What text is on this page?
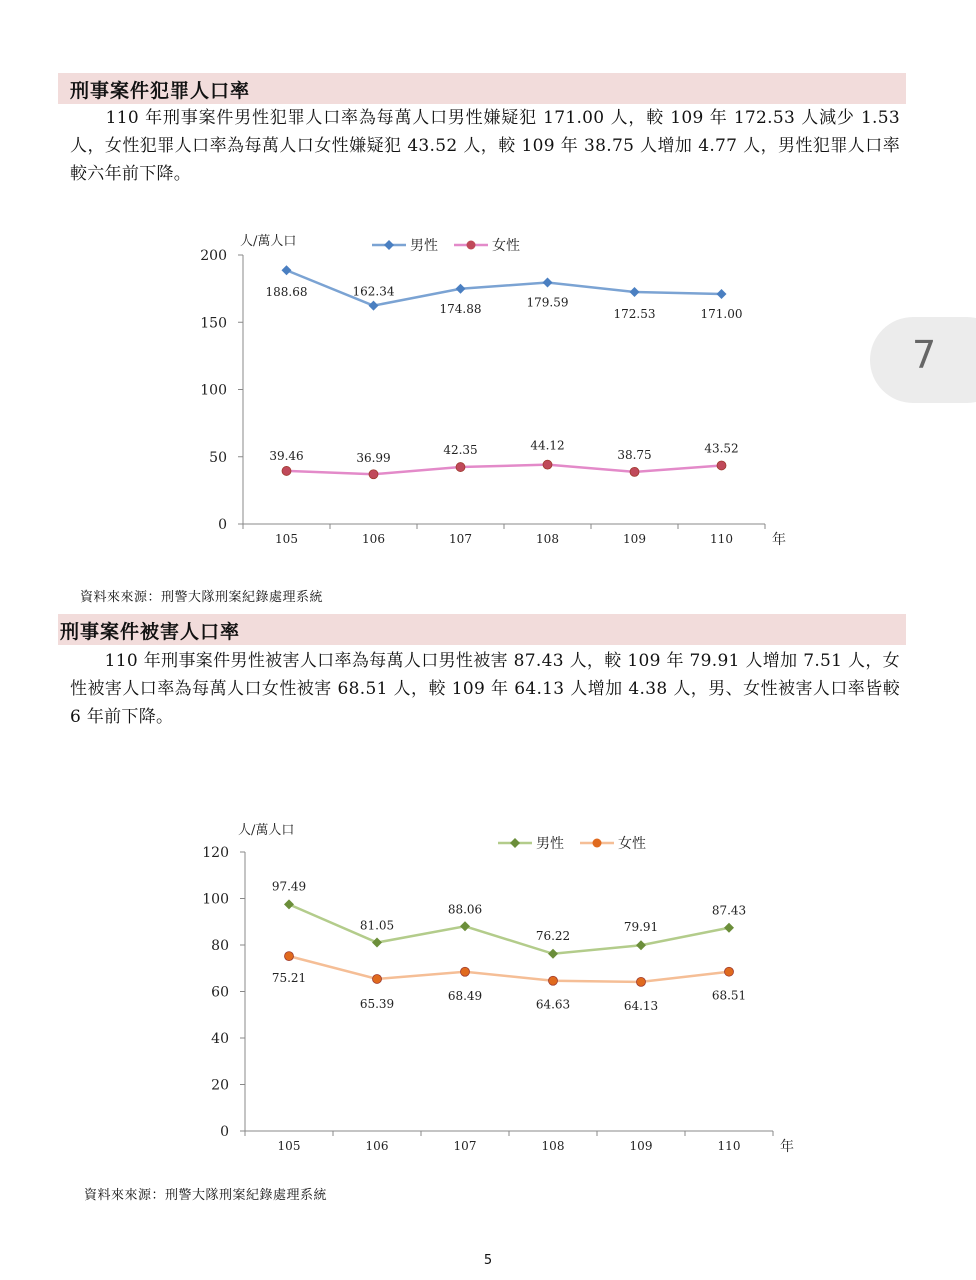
刑事案件犯罪人口率
　　110 年刑事案件男性犯罪人口率為每萬人口男性嫌疑犯 171.00 人，較 109 年 172.53 人減少 1.53 人，女性犯罪人口率為每萬人口女性嫌疑犯 43.52 人，較 109 年 38.75 人增加 4.77 人，男性犯罪人口率較六年前下降。
0
50
100
150
200
105	106	107	108	109	110
人/萬人口
年
188.68	162.34
174.88	179.59
172.53	171.00
39.46	36.99
42.35	44.12
38.75	43.52
男性	女性
資料來來源：刑警大隊刑案紀錄處理系統
刑事案件被害人口率
　　110 年刑事案件男性被害人口率為每萬人口男性被害 87.43 人，較 109 年 79.91 人增加 7.51 人，女性被害人口率為每萬人口女性被害 68.51 人，較 109 年 64.13 人增加 4.38 人，男、女性被害人口率皆較 6 年前下降。
0
20
40
60
80
100
120
105	106	107	108	109	110
人/萬人口
年
97.49
81.05
88.06
76.22
79.91
87.43
75.21
65.39
68.49
64.63	64.13
68.51
男性	女性
資料來來源：刑警大隊刑案紀錄處理系統
7
5
